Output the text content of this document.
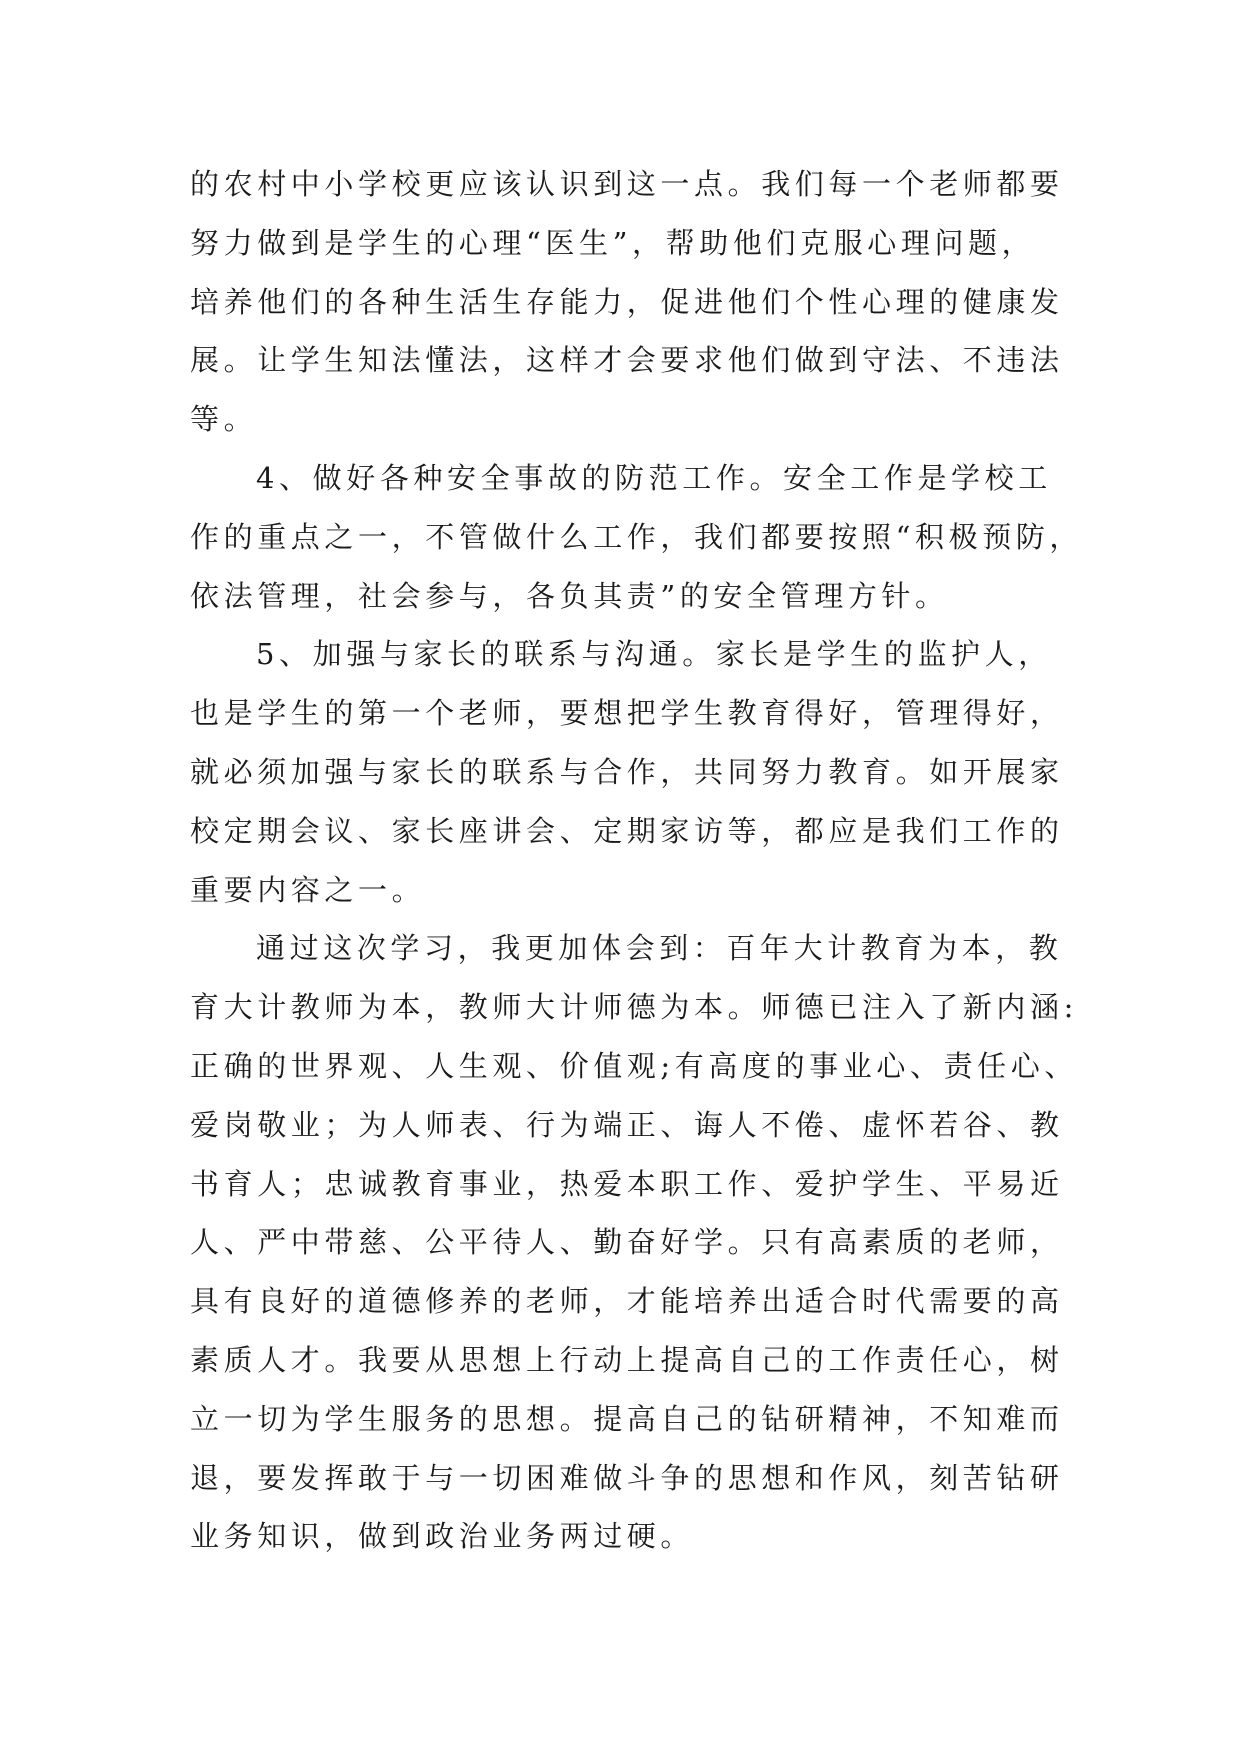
的农村中小学校更应该认识到这一点。我们每一个老师都要
努力做到是学生的心理“医生”，帮助他们克服心理问题，
培养他们的各种生活生存能力，促进他们个性心理的健康发
展。让学生知法懂法，这样才会要求他们做到守法、不违法
等。
4、做好各种安全事故的防范工作。安全工作是学校工
作的重点之一，不管做什么工作，我们都要按照“积极预防，
依法管理，社会参与，各负其责”的安全管理方针。
5、加强与家长的联系与沟通。家长是学生的监护人，
也是学生的第一个老师，要想把学生教育得好，管理得好，
就必须加强与家长的联系与合作，共同努力教育。如开展家
校定期会议、家长座讲会、定期家访等，都应是我们工作的
重要内容之一。
通过这次学习，我更加体会到：百年大计教育为本，教
育大计教师为本，教师大计师德为本。师德已注入了新内涵:
正确的世界观、人生观、价值观;有高度的事业心、责任心、
爱岗敬业；为人师表、行为端正、诲人不倦、虚怀若谷、教
书育人；忠诚教育事业，热爱本职工作、爱护学生、平易近
人、严中带慈、公平待人、勤奋好学。只有高素质的老师，
具有良好的道德修养的老师，才能培养出适合时代需要的高
素质人才。我要从思想上行动上提高自己的工作责任心，树
立一切为学生服务的思想。提高自己的钻研精神，不知难而
退，要发挥敢于与一切困难做斗争的思想和作风，刻苦钻研
业务知识，做到政治业务两过硬。
